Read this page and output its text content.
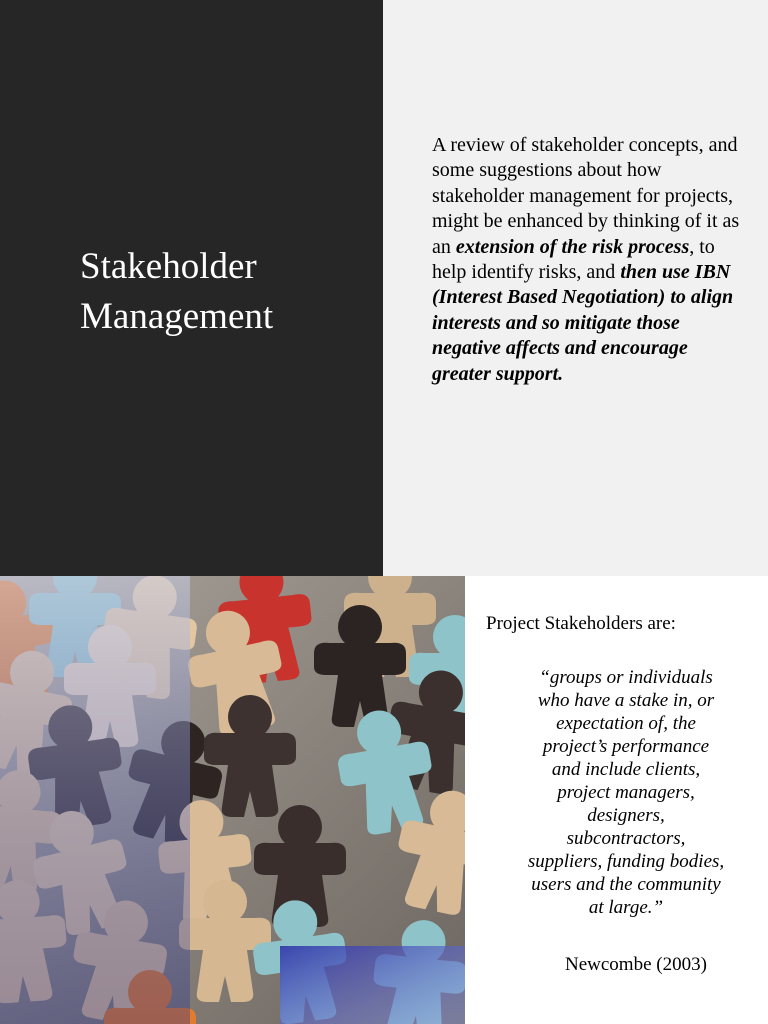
Stakeholder
Management

A review of stakeholder concepts, and some suggestions about how stakeholder management for projects, might be enhanced by thinking of it as an extension of the risk process, to help identify risks, and then use IBN (Interest Based Negotiation) to align interests and so mitigate those negative affects and encourage greater support.

Project Stakeholders are:

“groups or individuals
who have a stake in, or
expectation of, the
project’s performance
and include clients,
project managers,
designers,
subcontractors,
suppliers, funding bodies,
users and the community
at large.”

Newcombe (2003)
